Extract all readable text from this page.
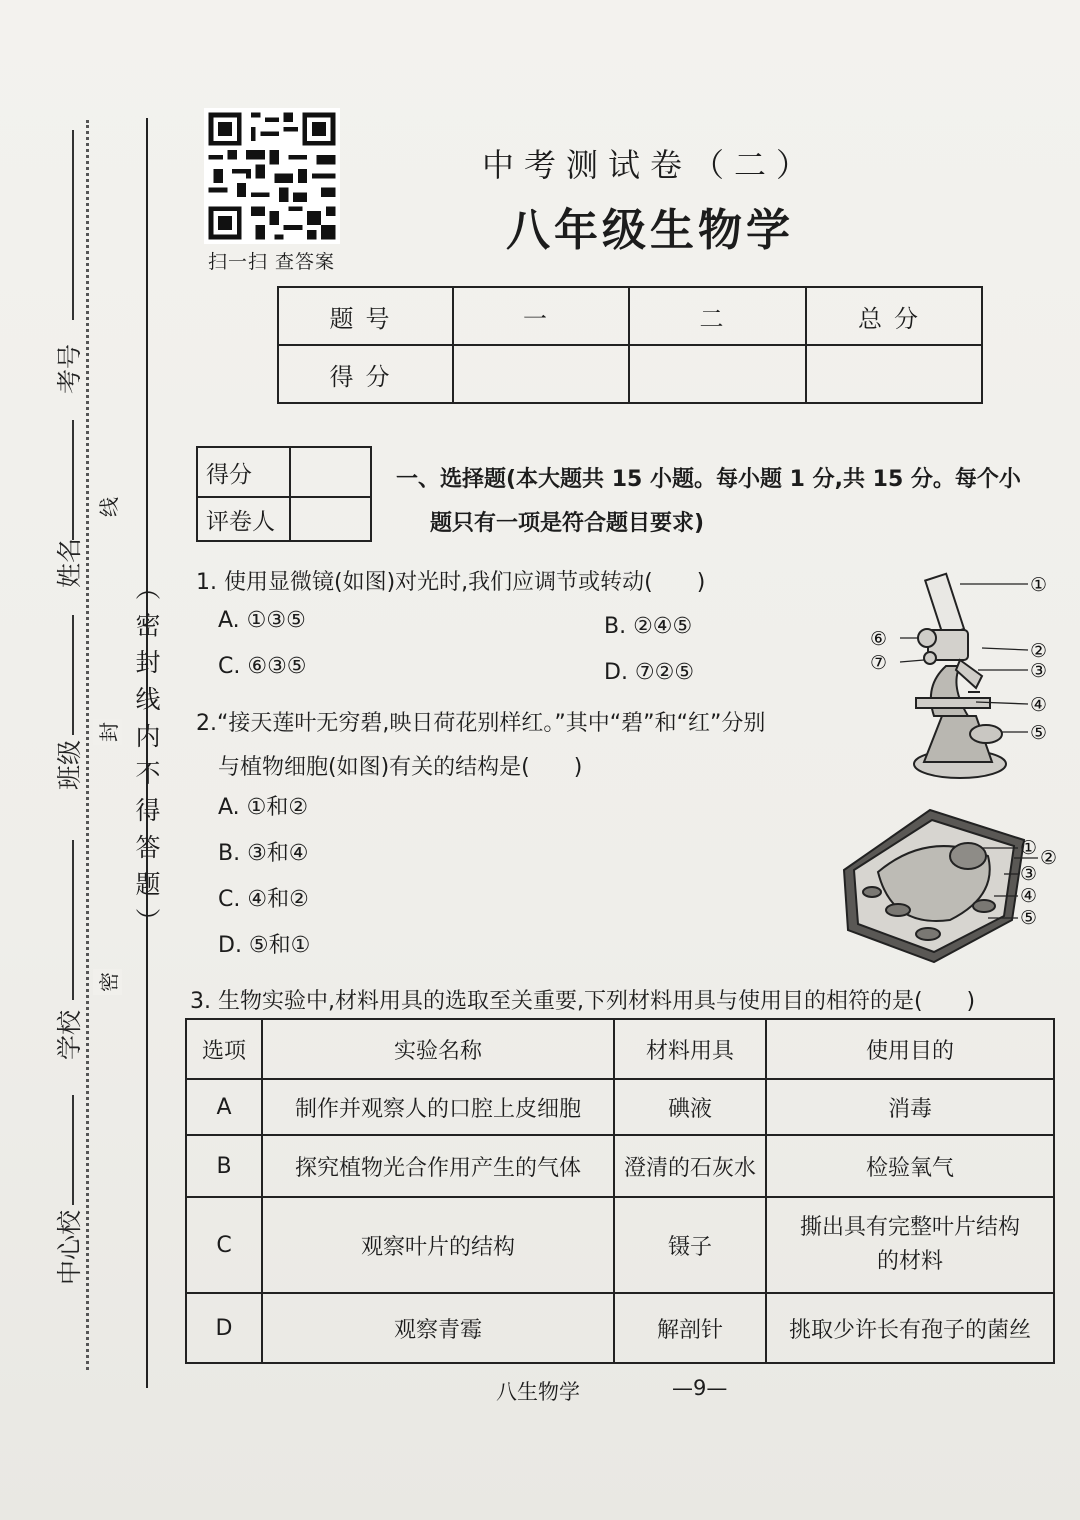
考号
姓名
班级
学校
中心校
线
封
密
（密封线内不得答题）
扫一扫 查答案
中考测试卷（二）
八年级生物学
题号	一	二	总分
得分			
得分	
评卷人	
一、选择题(本大题共 15 小题。每小题 1 分,共 15 分。每个小
题只有一项是符合题目要求)
1. 使用显微镜(如图)对光时,我们应调节或转动(　　)
A. ①③⑤	B. ②④⑤
C. ⑥③⑤	D. ⑦②⑤
①
②
③
④
⑤
⑥
⑦
2.“接天莲叶无穷碧,映日荷花别样红。”其中“碧”和“红”分别
与植物细胞(如图)有关的结构是(　　)
A. ①和②
B. ③和④
C. ④和②
D. ⑤和①
① ②
③
④
⑤
3. 生物实验中,材料用具的选取至关重要,下列材料用具与使用目的相符的是(　　)
选项	实验名称	材料用具	使用目的
A	制作并观察人的口腔上皮细胞	碘液	消毒
B	探究植物光合作用产生的气体	澄清的石灰水	检验氧气
C	观察叶片的结构	镊子	撕出具有完整叶片结构的材料
D	观察青霉	解剖针	挑取少许长有孢子的菌丝
八生物学	—9—
